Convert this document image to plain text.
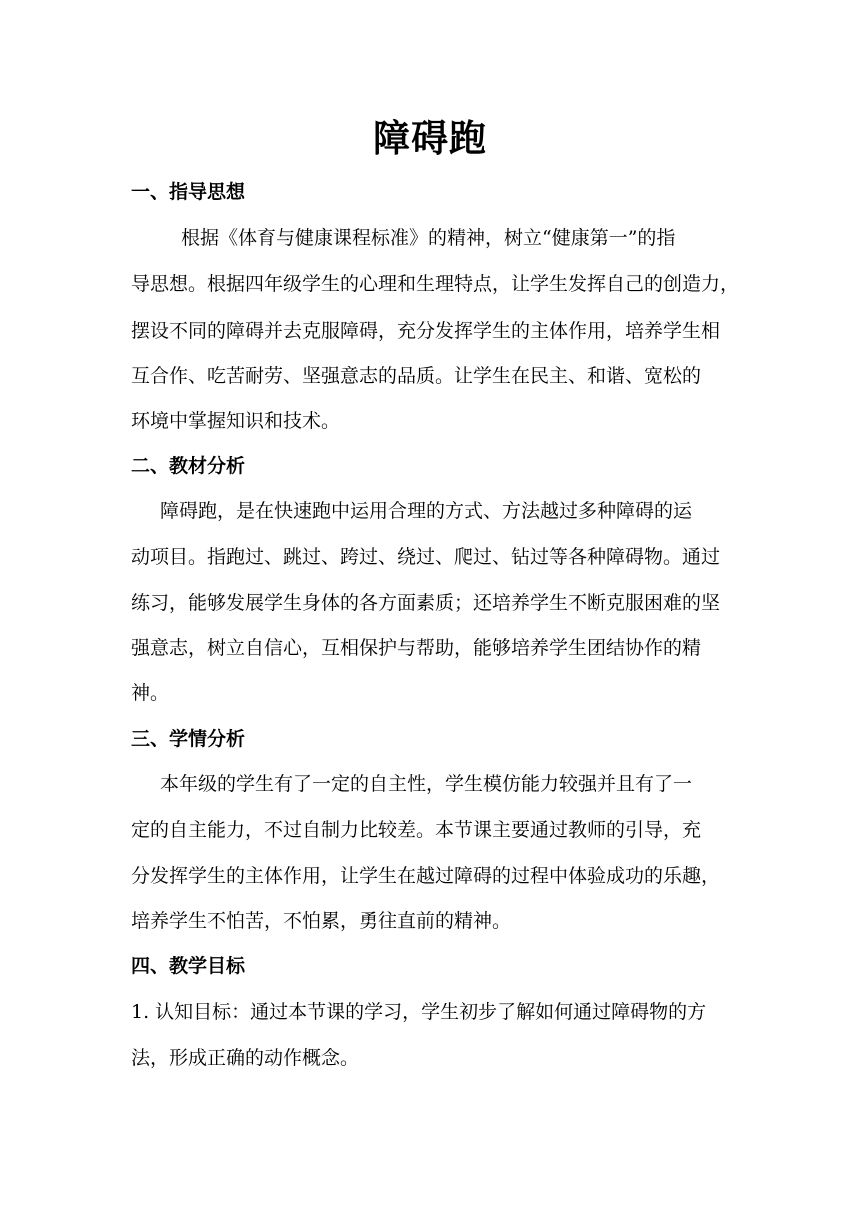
障碍跑
一、指导思想
根据《体育与健康课程标准》的精神，树立“健康第一”的指
导思想。根据四年级学生的心理和生理特点，让学生发挥自己的创造力，
摆设不同的障碍并去克服障碍，充分发挥学生的主体作用，培养学生相
互合作、吃苦耐劳、坚强意志的品质。让学生在民主、和谐、宽松的
环境中掌握知识和技术。
二、教材分析
障碍跑，是在快速跑中运用合理的方式、方法越过多种障碍的运
动项目。指跑过、跳过、跨过、绕过、爬过、钻过等各种障碍物。通过
练习，能够发展学生身体的各方面素质；还培养学生不断克服困难的坚
强意志，树立自信心，互相保护与帮助，能够培养学生团结协作的精
神。
三、学情分析
本年级的学生有了一定的自主性，学生模仿能力较强并且有了一
定的自主能力，不过自制力比较差。本节课主要通过教师的引导，充
分发挥学生的主体作用，让学生在越过障碍的过程中体验成功的乐趣，
培养学生不怕苦，不怕累，勇往直前的精神。
四、教学目标
1. 认知目标：通过本节课的学习，学生初步了解如何通过障碍物的方
法，形成正确的动作概念。
